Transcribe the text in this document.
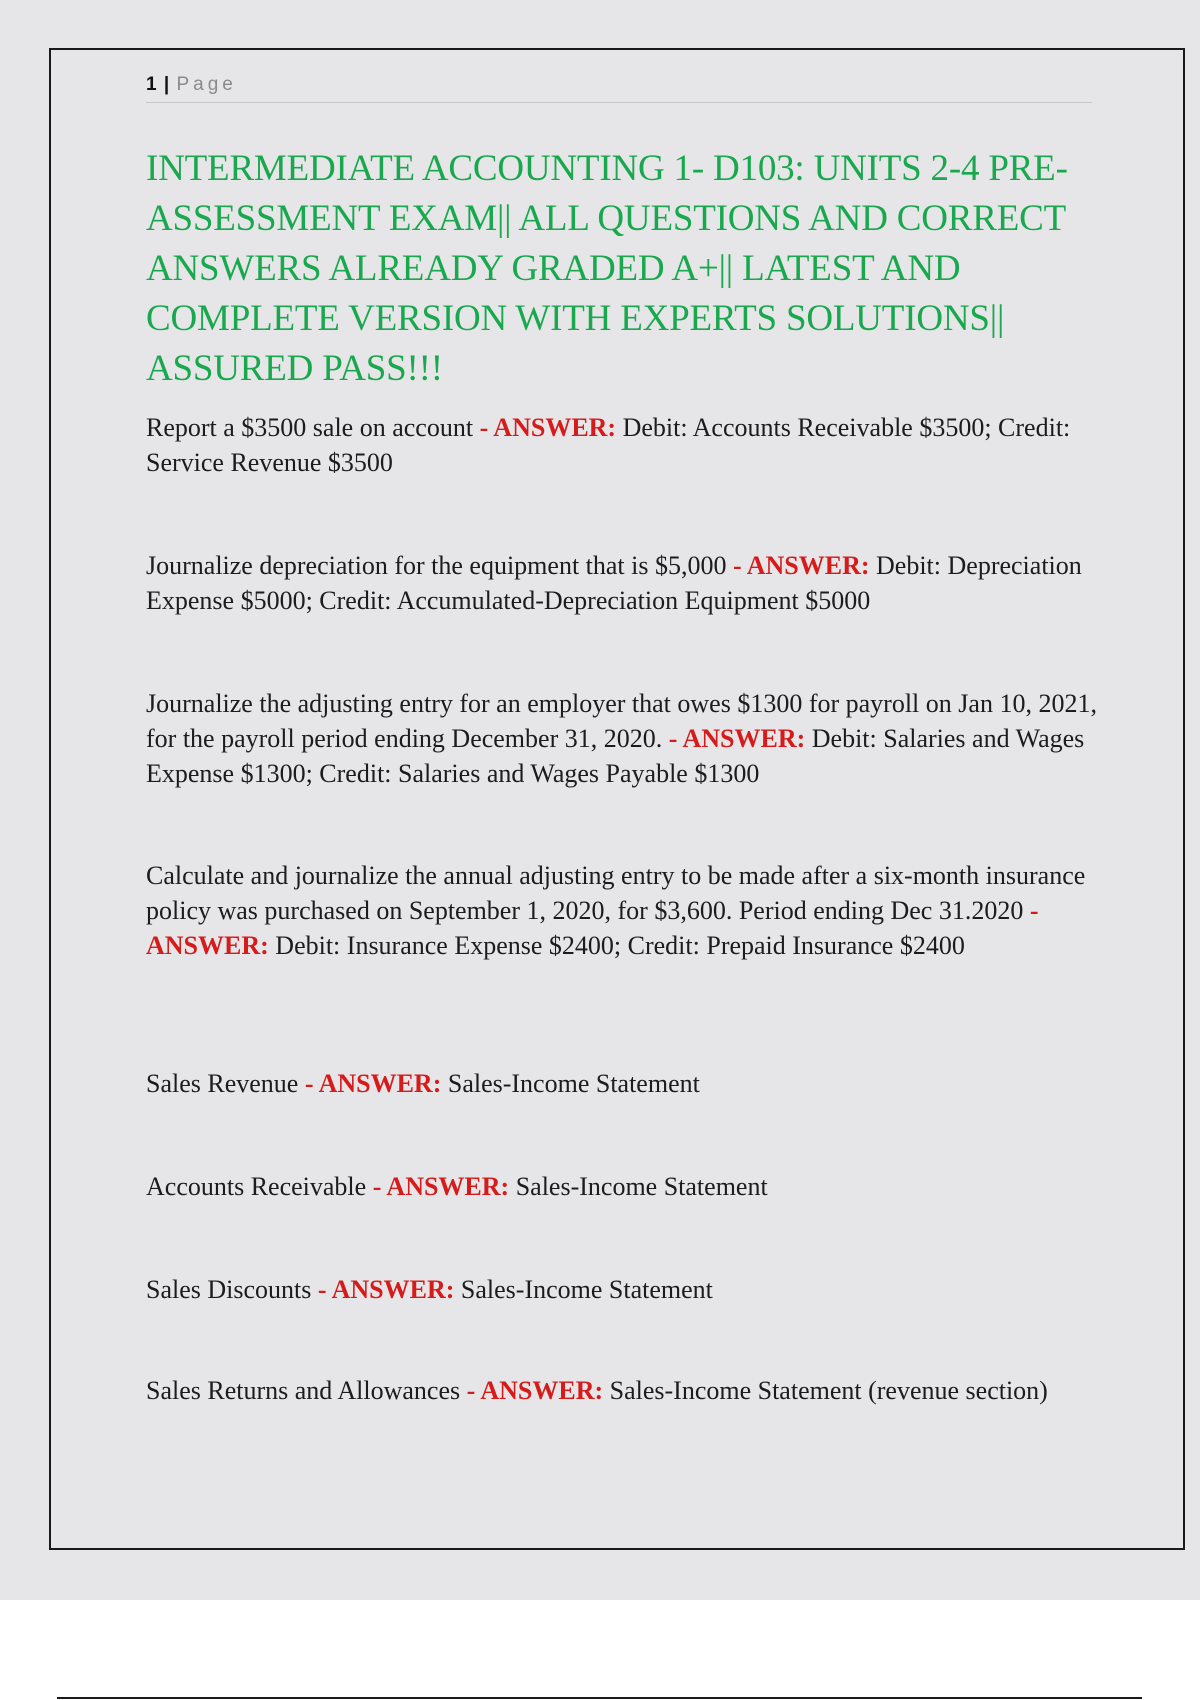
1 | Page
INTERMEDIATE ACCOUNTING 1- D103: UNITS 2-4 PRE-ASSESSMENT EXAM|| ALL QUESTIONS AND CORRECT ANSWERS ALREADY GRADED A+|| LATEST AND COMPLETE VERSION WITH EXPERTS SOLUTIONS|| ASSURED PASS!!!

Report a $3500 sale on account - ANSWER: Debit: Accounts Receivable $3500; Credit: Service Revenue $3500

Journalize depreciation for the equipment that is $5,000 - ANSWER: Debit: Depreciation Expense $5000; Credit: Accumulated-Depreciation Equipment $5000

Journalize the adjusting entry for an employer that owes $1300 for payroll on Jan 10, 2021, for the payroll period ending December 31, 2020. - ANSWER: Debit: Salaries and Wages Expense $1300; Credit: Salaries and Wages Payable $1300

Calculate and journalize the annual adjusting entry to be made after a six-month insurance policy was purchased on September 1, 2020, for $3,600. Period ending Dec 31.2020 - ANSWER: Debit: Insurance Expense $2400; Credit: Prepaid Insurance $2400

Sales Revenue - ANSWER: Sales-Income Statement

Accounts Receivable - ANSWER: Sales-Income Statement

Sales Discounts - ANSWER: Sales-Income Statement

Sales Returns and Allowances - ANSWER: Sales-Income Statement (revenue section)
